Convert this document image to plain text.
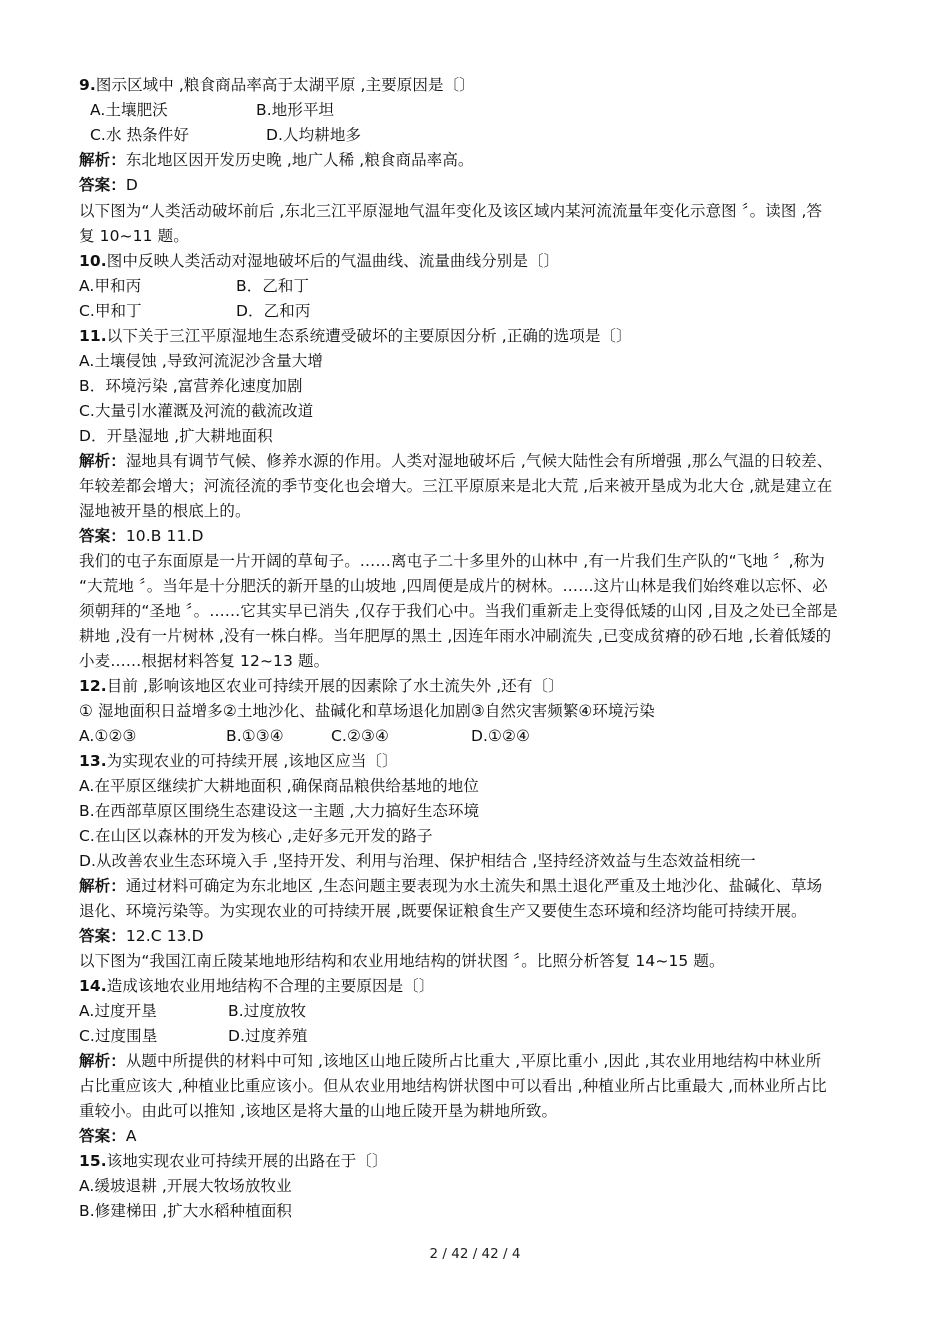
9.图示区域中 ,粮食商品率高于太湖平原 ,主要原因是〔〕
A.土壤肥沃	B.地形平坦
C.水 热条件好	D.人均耕地多
解析：东北地区因开发历史晚 ,地广人稀 ,粮食商品率高。
答案：D
以下图为“人类活动破坏前后 ,东北三江平原湿地气温年变化及该区域内某河流流量年变化示意图 〞。读图 ,答
复 10~11 题。
10.图中反映人类活动对湿地破坏后的气温曲线、流量曲线分别是〔〕
A.甲和丙	B．乙和丁
C.甲和丁	D．乙和丙
11.以下关于三江平原湿地生态系统遭受破坏的主要原因分析 ,正确的选项是〔〕
A.土壤侵蚀 ,导致河流泥沙含量大增
B．环境污染 ,富营养化速度加剧
C.大量引水灌溉及河流的截流改道
D．开垦湿地 ,扩大耕地面积
解析：湿地具有调节气候、修养水源的作用。人类对湿地破坏后 ,气候大陆性会有所增强 ,那么气温的日较差、
年较差都会增大；河流径流的季节变化也会增大。三江平原原来是北大荒 ,后来被开垦成为北大仓 ,就是建立在
湿地被开垦的根底上的。
答案：10.B 11.D
我们的屯子东面原是一片开阔的草甸子。……离屯子二十多里外的山林中 ,有一片我们生产队的“飞地 〞,称为
“大荒地 〞。当年是十分肥沃的新开垦的山坡地 ,四周便是成片的树林。……这片山林是我们始终难以忘怀、必
须朝拜的“圣地 〞。……它其实早已消失 ,仅存于我们心中。当我们重新走上变得低矮的山冈 ,目及之处已全部是
耕地 ,没有一片树林 ,没有一株白桦。当年肥厚的黑土 ,因连年雨水冲刷流失 ,已变成贫瘠的砂石地 ,长着低矮的
小麦……根据材料答复 12~13 题。
12.目前 ,影响该地区农业可持续开展的因素除了水土流失外 ,还有〔〕
① 湿地面积日益增多②土地沙化、盐碱化和草场退化加剧③自然灾害频繁④环境污染
A.①②③	B.①③④	C.②③④	D.①②④
13.为实现农业的可持续开展 ,该地区应当〔〕
A.在平原区继续扩大耕地面积 ,确保商品粮供给基地的地位
B.在西部草原区围绕生态建设这一主题 ,大力搞好生态环境
C.在山区以森林的开发为核心 ,走好多元开发的路子
D.从改善农业生态环境入手 ,坚持开发、利用与治理、保护相结合 ,坚持经济效益与生态效益相统一
解析：通过材料可确定为东北地区 ,生态问题主要表现为水土流失和黑土退化严重及土地沙化、盐碱化、草场
退化、环境污染等。为实现农业的可持续开展 ,既要保证粮食生产又要使生态环境和经济均能可持续开展。
答案：12.C 13.D
以下图为“我国江南丘陵某地地形结构和农业用地结构的饼状图 〞。比照分析答复 14~15 题。
14.造成该地农业用地结构不合理的主要原因是〔〕
A.过度开垦	B.过度放牧
C.过度围垦	D.过度养殖
解析：从题中所提供的材料中可知 ,该地区山地丘陵所占比重大 ,平原比重小 ,因此 ,其农业用地结构中林业所
占比重应该大 ,种植业比重应该小。但从农业用地结构饼状图中可以看出 ,种植业所占比重最大 ,而林业所占比
重较小。由此可以推知 ,该地区是将大量的山地丘陵开垦为耕地所致。
答案：A
15.该地实现农业可持续开展的出路在于〔〕
A.缓坡退耕 ,开展大牧场放牧业
B.修建梯田 ,扩大水稻种植面积
2 / 42 / 42 / 4
